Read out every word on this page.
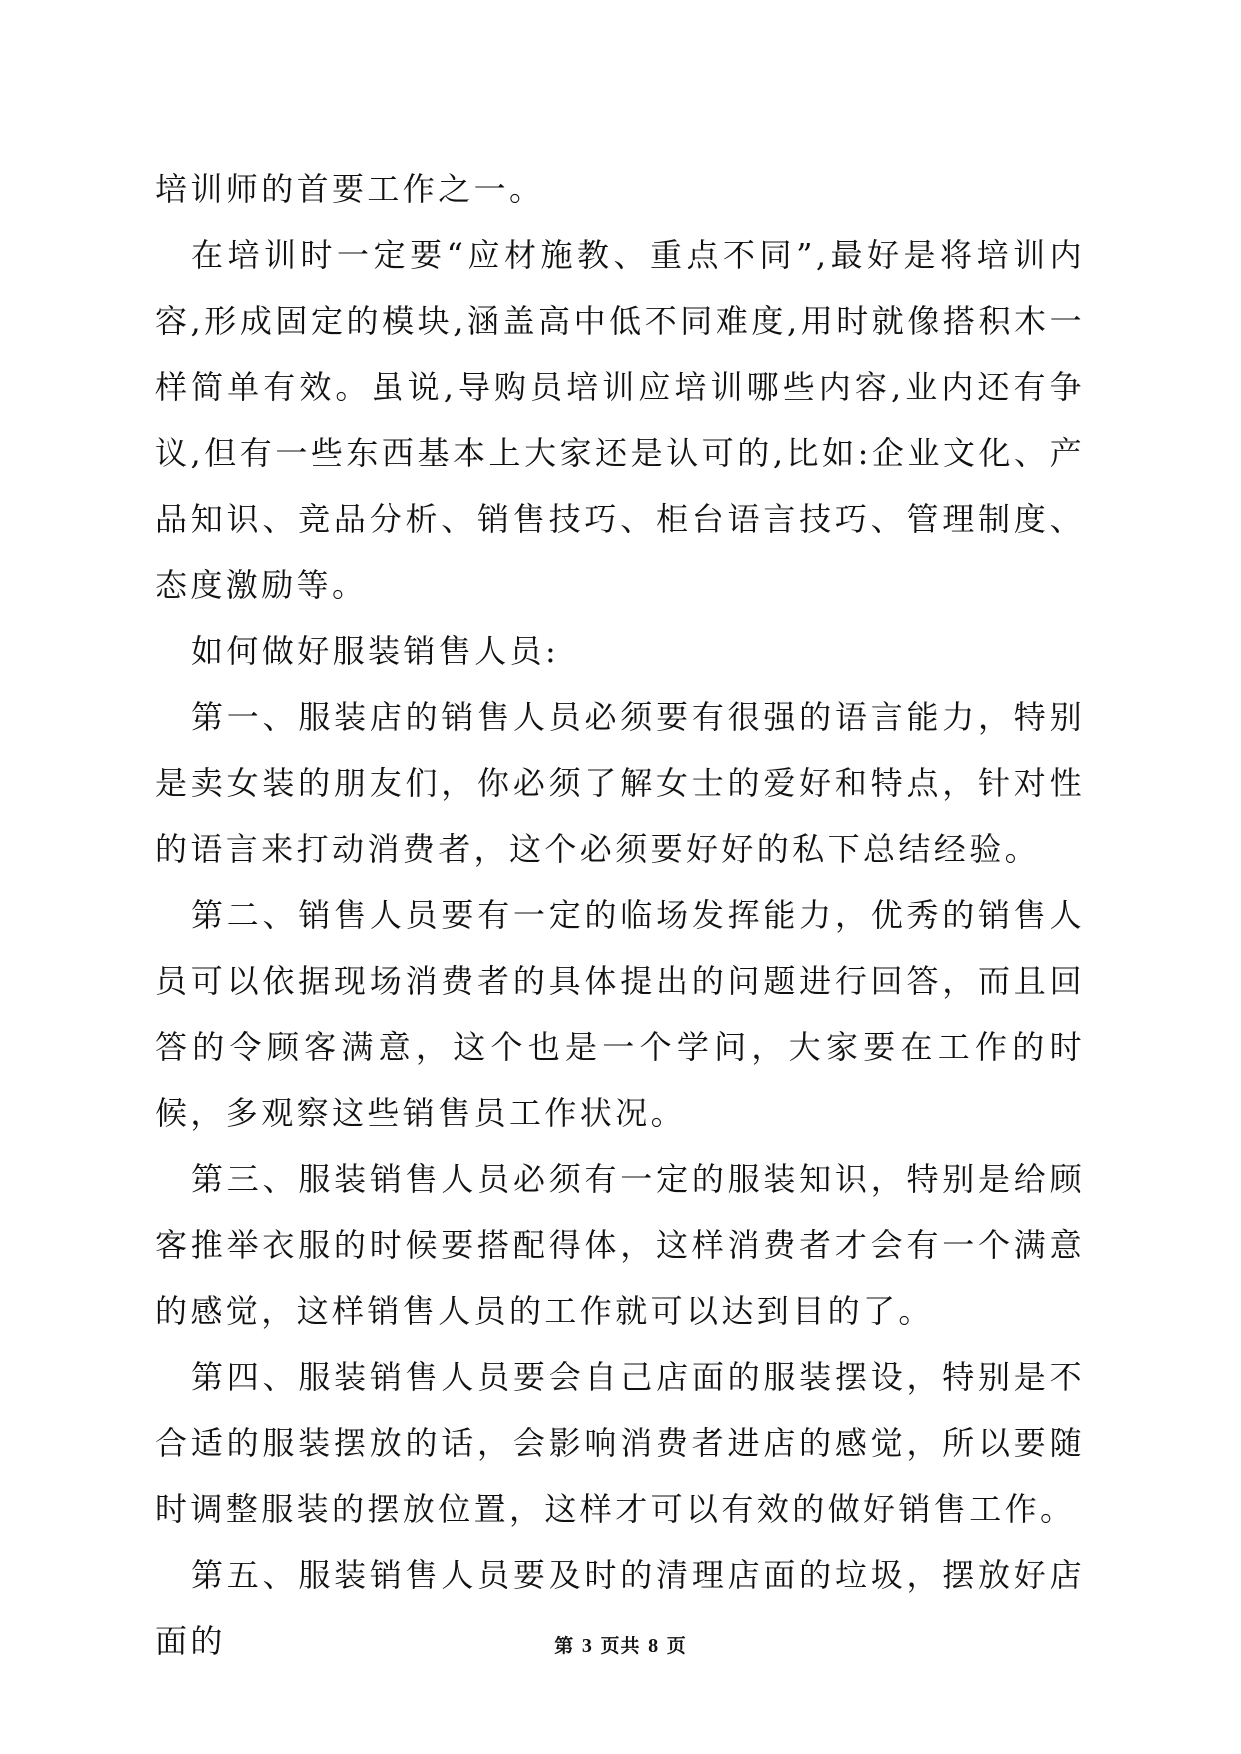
培训师的首要工作之一。

在培训时一定要“应材施教、重点不同”,最好是将培训内容,形成固定的模块,涵盖高中低不同难度,用时就像搭积木一样简单有效。虽说,导购员培训应培训哪些内容,业内还有争议,但有一些东西基本上大家还是认可的,比如:企业文化、产品知识、竞品分析、销售技巧、柜台语言技巧、管理制度、态度激励等。

如何做好服装销售人员:

第一、服装店的销售人员必须要有很强的语言能力，特别是卖女装的朋友们，你必须了解女士的爱好和特点，针对性的语言来打动消费者，这个必须要好好的私下总结经验。

第二、销售人员要有一定的临场发挥能力，优秀的销售人员可以依据现场消费者的具体提出的问题进行回答，而且回答的令顾客满意，这个也是一个学问，大家要在工作的时候，多观察这些销售员工作状况。

第三、服装销售人员必须有一定的服装知识，特别是给顾客推举衣服的时候要搭配得体，这样消费者才会有一个满意的感觉，这样销售人员的工作就可以达到目的了。

第四、服装销售人员要会自己店面的服装摆设，特别是不合适的服装摆放的话，会影响消费者进店的感觉，所以要随时调整服装的摆放位置，这样才可以有效的做好销售工作。

第五、服装销售人员要及时的清理店面的垃圾，摆放好店面的	第 3 页共 8 页
